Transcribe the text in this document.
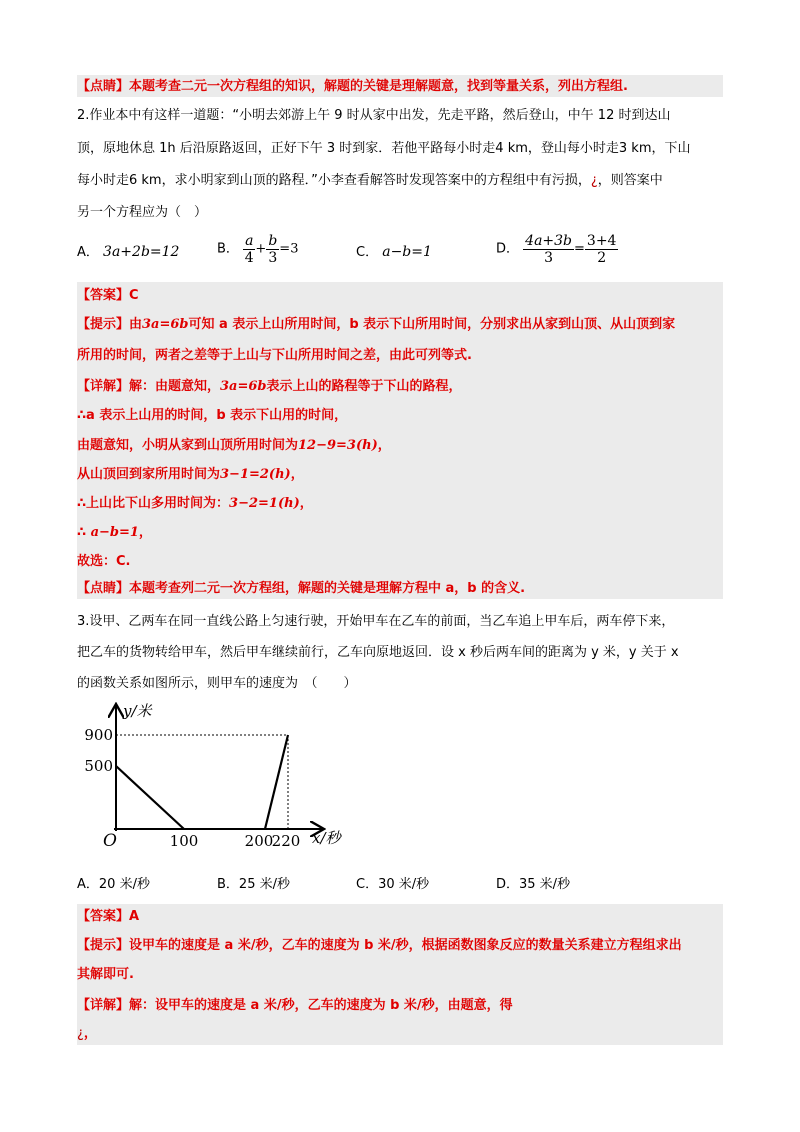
【点睛】本题考查二元一次方程组的知识，解题的关键是理解题意，找到等量关系，列出方程组.
2.作业本中有这样一道题：“小明去郊游上午 9 时从家中出发，先走平路，然后登山，中午 12 时到达山
顶，原地休息 1h 后沿原路返回，正好下午 3 时到家．若他平路每小时走4 km，登山每小时走3 km，下山
每小时走6 km，求小明家到山顶的路程．”小李查看解答时发现答案中的方程组中有污损，¿，则答案中
另一个方程应为（　）
A． 3a+2b=12	B． $\frac{a}{4} + \frac{b}{3} =3$	C． a−b=1	D． $\frac{4a+3b}{3} = \frac{3+4}{2}$
【答案】C
【提示】由3a=6b可知 a 表示上山所用时间，b 表示下山所用时间，分别求出从家到山顶、从山顶到家
所用的时间，两者之差等于上山与下山所用时间之差，由此可列等式.
【详解】解：由题意知，3a=6b表示上山的路程等于下山的路程，
∴a 表示上山用的时间，b 表示下山用的时间，
由题意知，小明从家到山顶所用时间为12−9=3(h)，
从山顶回到家所用时间为3−1=2(h)，
∴上山比下山多用时间为：3−2=1(h)，
∴ a−b=1，
故选：C.
【点睛】本题考查列二元一次方程组，解题的关键是理解方程中 a，b 的含义.
3.设甲、乙两车在同一直线公路上匀速行驶，开始甲车在乙车的前面，当乙车追上甲车后，两车停下来，
把乙车的货物转给甲车，然后甲车继续前行，乙车向原地返回．设 x 秒后两车间的距离为 y 米，y 关于 x
的函数关系如图所示，则甲车的速度为　（　　）
y/米
x/秒
O
900
500
100	200
220
A．20 米/秒	B．25 米/秒	C．30 米/秒	D．35 米/秒
【答案】A
【提示】设甲车的速度是 a 米/秒，乙车的速度为 b 米/秒，根据函数图象反应的数量关系建立方程组求出
其解即可.
【详解】解：设甲车的速度是 a 米/秒，乙车的速度为 b 米/秒，由题意，得
¿，
